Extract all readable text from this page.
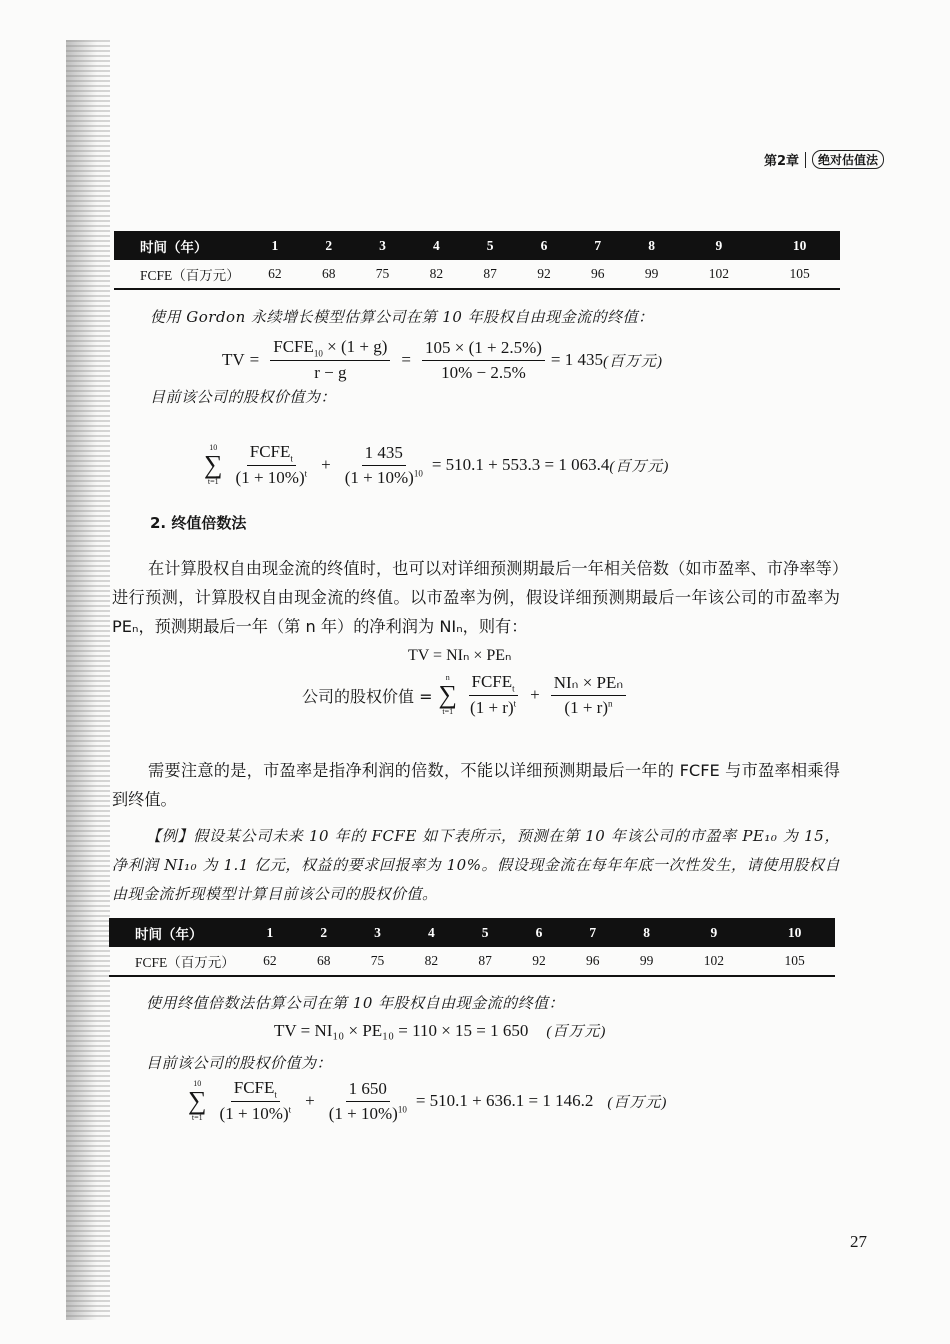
第2章	绝对估值法
时间（年）	1	2	3	4	5	6	7	8	9	10
FCFE（百万元）	62	68	75	82	87	92	96	99	102	105
使用 Gordon 永续增长模型估算公司在第 10 年股权自由现金流的终值：
TV = $\frac{FCFE_{10} \times (1 + g)}{r - g} = \frac{105 \times (1 + 2.5\%)}{10\% - 2.5\%} = 1$ 435 (百万元)
目前该公司的股权价值为：
10
∑
$t=1 \frac{FCFE_t}{(1 + 10\%)^t} + \frac{1 435}{(1 + 10\%)^{10}} = 510.1 + 553.3 = 1$ 063.4 (百万元)
2. 终值倍数法
在计算股权自由现金流的终值时，也可以对详细预测期最后一年相关倍数（如市盈率、市净率等）进行预测，计算股权自由现金流的终值。以市盈率为例，假设详细预测期最后一年该公司的市盈率为 PEₙ，预测期最后一年（第 n 年）的净利润为 NIₙ，则有：
TV = NIₙ × PEₙ
公司的股权价值 =
n
∑
$t=1 \frac{FCFE_t}{(1 + r)^t} + \frac{\text{NIₙ × PEₙ}}{(1 + r)^n}$
需要注意的是，市盈率是指净利润的倍数，不能以详细预测期最后一年的 FCFE 与市盈率相乘得到终值。
【例】假设某公司未来 10 年的 FCFE 如下表所示，预测在第 10 年该公司的市盈率 PE₁₀ 为 15，净利润 NI₁₀ 为 1.1 亿元，权益的要求回报率为 10%。假设现金流在每年年底一次性发生，请使用股权自由现金流折现模型计算目前该公司的股权价值。
时间（年）	1	2	3	4	5	6	7	8	9	10
FCFE（百万元）	62	68	75	82	87	92	96	99	102	105
使用终值倍数法估算公司在第 10 年股权自由现金流的终值：
TV = NI₁₀ × PE₁₀ = 110 × 15 = 1 650 (百万元)
目前该公司的股权价值为：
10
∑
$t=1 \frac{FCFE_t}{(1 + 10\%)^t} + \frac{1 650}{(1 + 10\%)^{10}} = 510.1 + 636.1 = 1$ 146.2 (百万元)
27
